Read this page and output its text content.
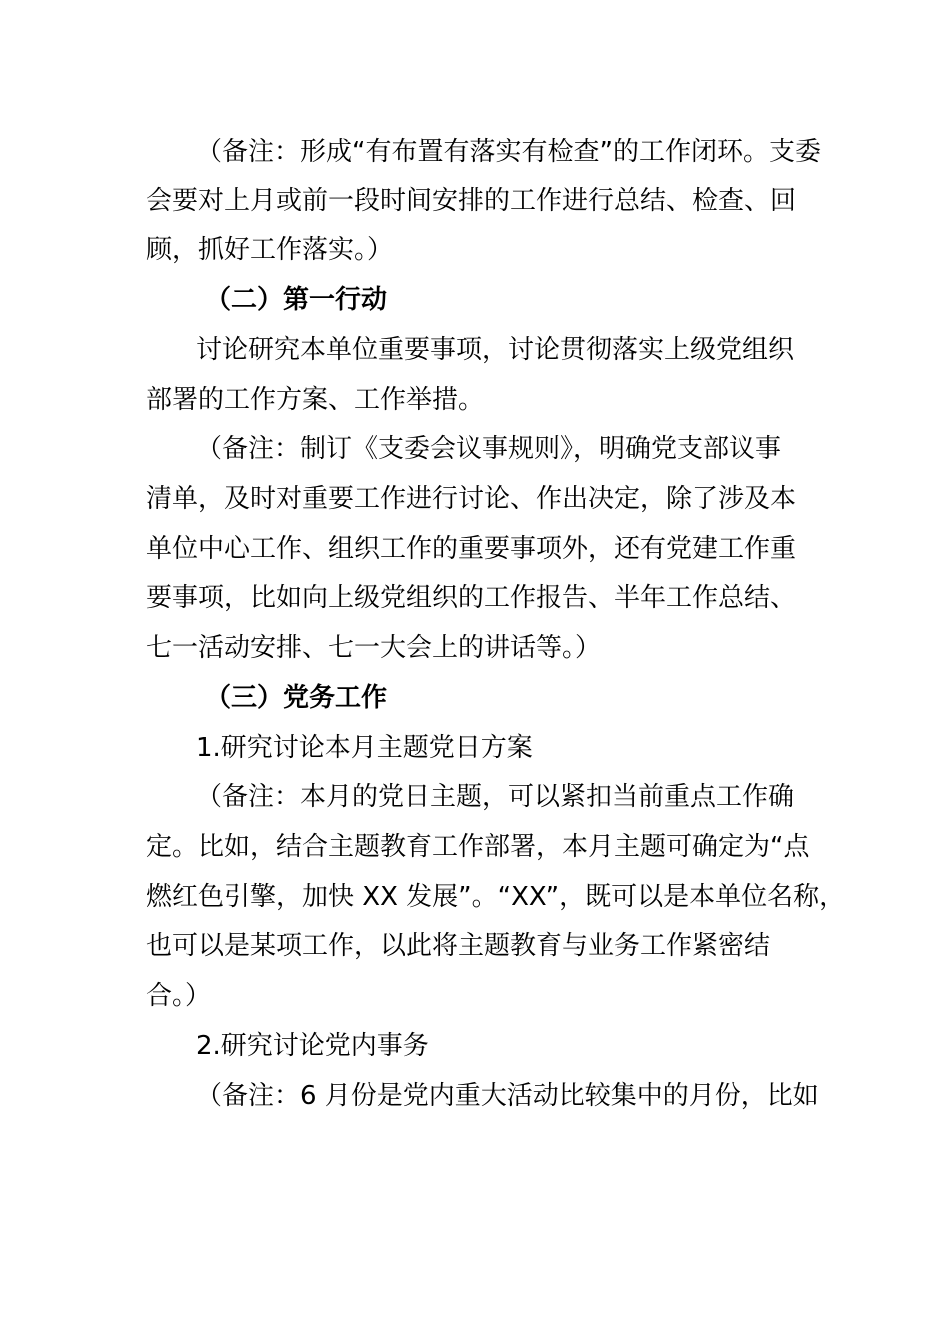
（备注：形成“有布置有落实有检查”的工作闭环。支委
会要对上月或前一段时间安排的工作进行总结、检查、回
顾，抓好工作落实。）
（二）第一行动
讨论研究本单位重要事项，讨论贯彻落实上级党组织
部署的工作方案、工作举措。
（备注：制订《支委会议事规则》，明确党支部议事
清单，及时对重要工作进行讨论、作出决定，除了涉及本
单位中心工作、组织工作的重要事项外，还有党建工作重
要事项，比如向上级党组织的工作报告、半年工作总结、
七一活动安排、七一大会上的讲话等。）
（三）党务工作
1.研究讨论本月主题党日方案
（备注：本月的党日主题，可以紧扣当前重点工作确
定。比如，结合主题教育工作部署，本月主题可确定为“点
燃红色引擎，加快 XX 发展”。“XX”，既可以是本单位名称，
也可以是某项工作，以此将主题教育与业务工作紧密结
合。）
2.研究讨论党内事务
（备注：6 月份是党内重大活动比较集中的月份，比如
